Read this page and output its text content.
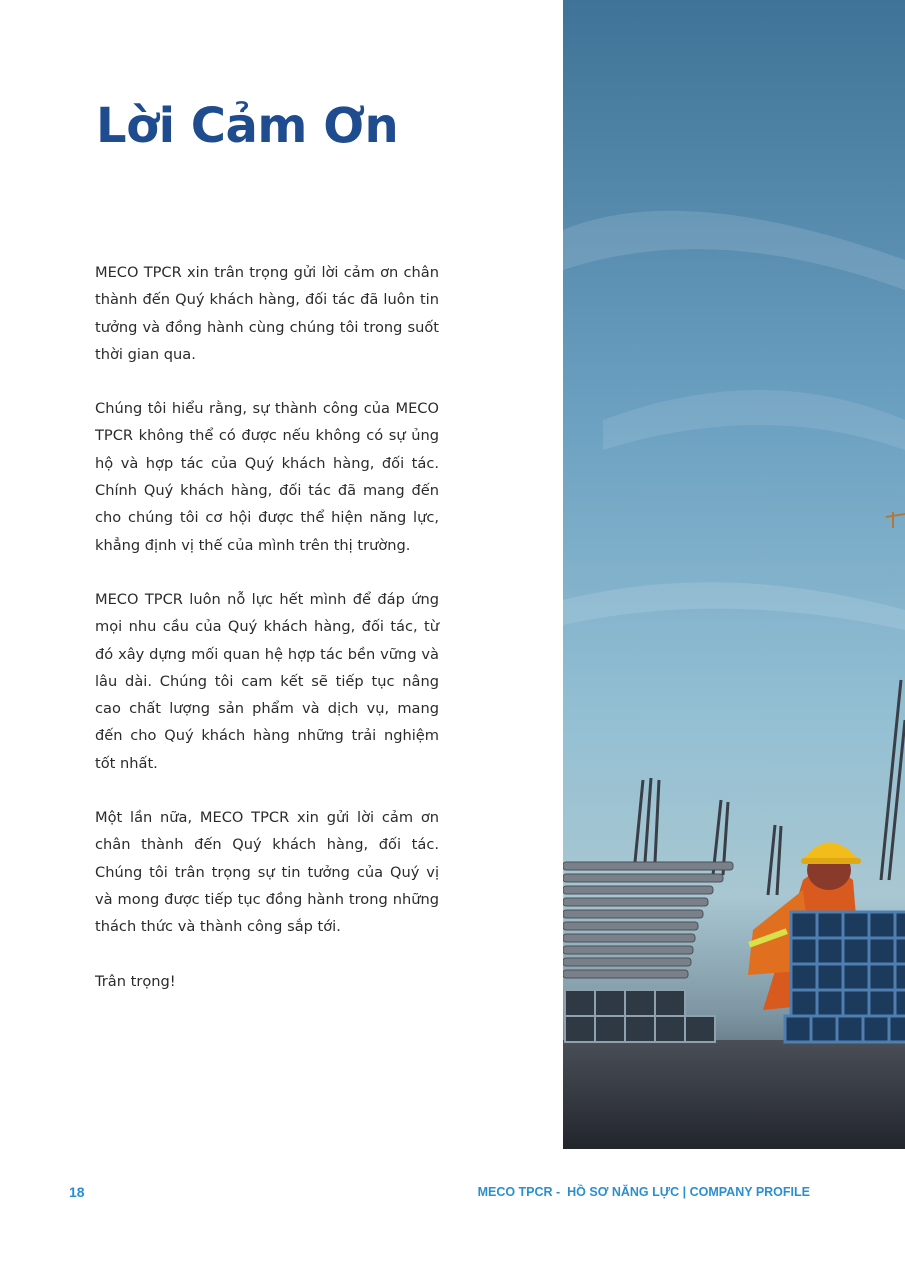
Lời Cảm Ơn

MECO TPCR xin trân trọng gửi lời cảm ơn chân thành đến Quý khách hàng, đối tác đã luôn tin tưởng và đồng hành cùng chúng tôi trong suốt thời gian qua.

Chúng tôi hiểu rằng, sự thành công của MECO TPCR không thể có được nếu không có sự ủng hộ và hợp tác của Quý khách hàng, đối tác. Chính Quý khách hàng, đối tác đã mang đến cho chúng tôi cơ hội được thể hiện năng lực, khẳng định vị thế của mình trên thị trường.

MECO TPCR luôn nỗ lực hết mình để đáp ứng mọi nhu cầu của Quý khách hàng, đối tác, từ đó xây dựng mối quan hệ hợp tác bền vững và lâu dài. Chúng tôi cam kết sẽ tiếp tục nâng cao chất lượng sản phẩm và dịch vụ, mang đến cho Quý khách hàng những trải nghiệm tốt nhất.

Một lần nữa, MECO TPCR xin gửi lời cảm ơn chân thành đến Quý khách hàng, đối tác. Chúng tôi trân trọng sự tin tưởng của Quý vị và mong được tiếp tục đồng hành trong những thách thức và thành công sắp tới.

Trân trọng!

18	MECO TPCR -  HỒ SƠ NĂNG LỰC | COMPANY PROFILE
